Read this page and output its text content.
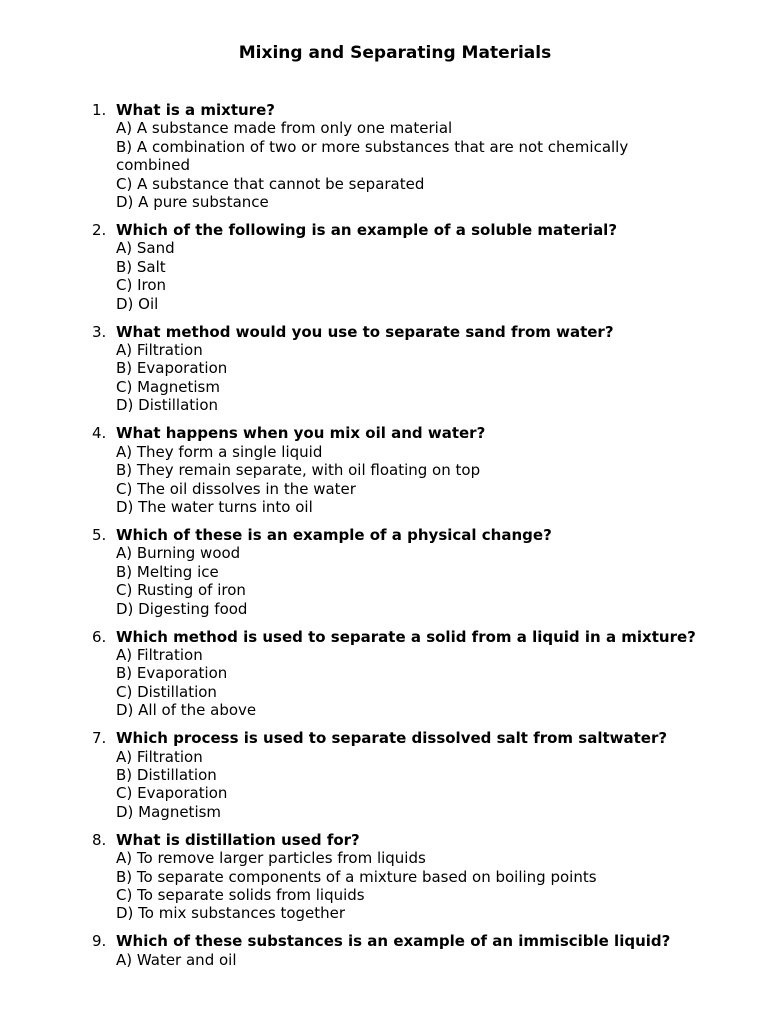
Mixing and Separating Materials
1. What is a mixture?
A) A substance made from only one material
B) A combination of two or more substances that are not chemically combined
C) A substance that cannot be separated
D) A pure substance
2. Which of the following is an example of a soluble material?
A) Sand
B) Salt
C) Iron
D) Oil
3. What method would you use to separate sand from water?
A) Filtration
B) Evaporation
C) Magnetism
D) Distillation
4. What happens when you mix oil and water?
A) They form a single liquid
B) They remain separate, with oil floating on top
C) The oil dissolves in the water
D) The water turns into oil
5. Which of these is an example of a physical change?
A) Burning wood
B) Melting ice
C) Rusting of iron
D) Digesting food
6. Which method is used to separate a solid from a liquid in a mixture?
A) Filtration
B) Evaporation
C) Distillation
D) All of the above
7. Which process is used to separate dissolved salt from saltwater?
A) Filtration
B) Distillation
C) Evaporation
D) Magnetism
8. What is distillation used for?
A) To remove larger particles from liquids
B) To separate components of a mixture based on boiling points
C) To separate solids from liquids
D) To mix substances together
9. Which of these substances is an example of an immiscible liquid?
A) Water and oil
